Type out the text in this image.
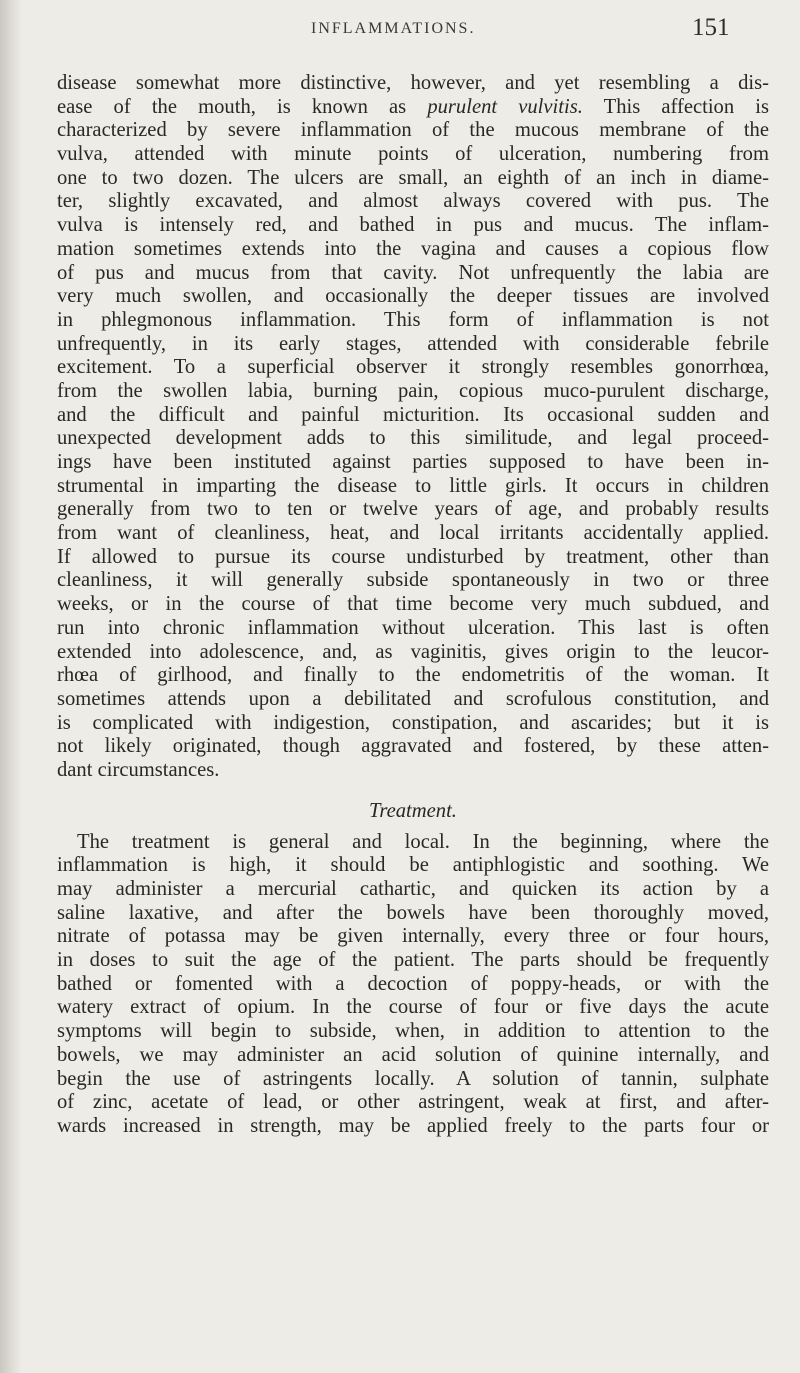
INFLAMMATIONS.	151
disease somewhat more distinctive, however, and yet resembling a dis-
ease of the mouth, is known as purulent vulvitis. This affection is
characterized by severe inflammation of the mucous membrane of the
vulva, attended with minute points of ulceration, numbering from
one to two dozen. The ulcers are small, an eighth of an inch in diame-
ter, slightly excavated, and almost always covered with pus. The
vulva is intensely red, and bathed in pus and mucus. The inflam-
mation sometimes extends into the vagina and causes a copious flow
of pus and mucus from that cavity. Not unfrequently the labia are
very much swollen, and occasionally the deeper tissues are involved
in phlegmonous inflammation. This form of inflammation is not
unfrequently, in its early stages, attended with considerable febrile
excitement. To a superficial observer it strongly resembles gonorrhœa,
from the swollen labia, burning pain, copious muco-purulent discharge,
and the difficult and painful micturition. Its occasional sudden and
unexpected development adds to this similitude, and legal proceed-
ings have been instituted against parties supposed to have been in-
strumental in imparting the disease to little girls. It occurs in children
generally from two to ten or twelve years of age, and probably results
from want of cleanliness, heat, and local irritants accidentally applied.
If allowed to pursue its course undisturbed by treatment, other than
cleanliness, it will generally subside spontaneously in two or three
weeks, or in the course of that time become very much subdued, and
run into chronic inflammation without ulceration. This last is often
extended into adolescence, and, as vaginitis, gives origin to the leucor-
rhœa of girlhood, and finally to the endometritis of the woman. It
sometimes attends upon a debilitated and scrofulous constitution, and
is complicated with indigestion, constipation, and ascarides; but it is
not likely originated, though aggravated and fostered, by these atten-
dant circumstances.
Treatment.
The treatment is general and local. In the beginning, where the
inflammation is high, it should be antiphlogistic and soothing. We
may administer a mercurial cathartic, and quicken its action by a
saline laxative, and after the bowels have been thoroughly moved,
nitrate of potassa may be given internally, every three or four hours,
in doses to suit the age of the patient. The parts should be frequently
bathed or fomented with a decoction of poppy-heads, or with the
watery extract of opium. In the course of four or five days the acute
symptoms will begin to subside, when, in addition to attention to the
bowels, we may administer an acid solution of quinine internally, and
begin the use of astringents locally. A solution of tannin, sulphate
of zinc, acetate of lead, or other astringent, weak at first, and after-
wards increased in strength, may be applied freely to the parts four or
